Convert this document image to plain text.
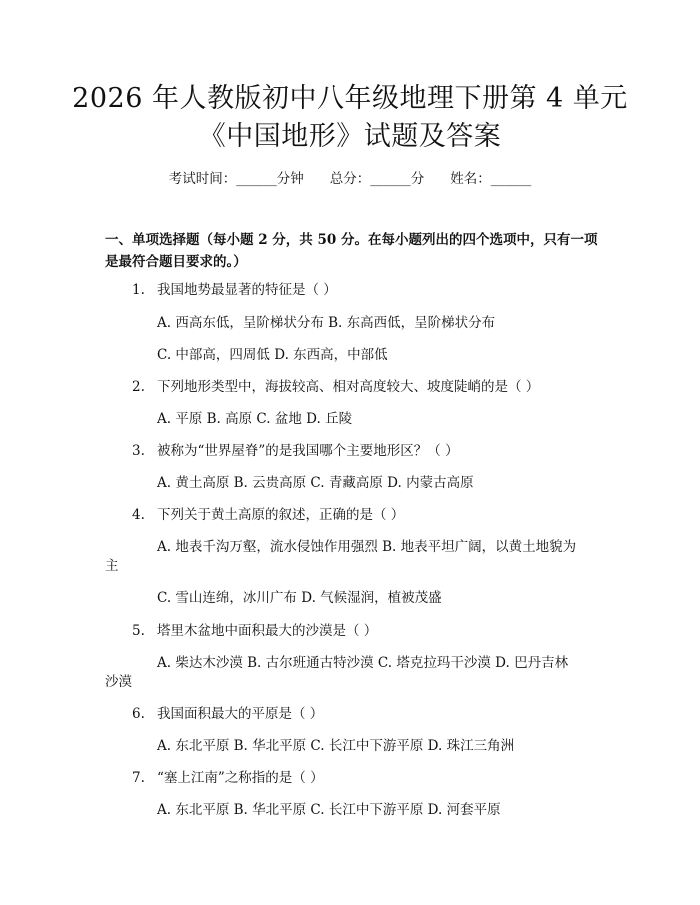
2026 年人教版初中八年级地理下册第 4 单元
《中国地形》试题及答案
考试时间：______分钟 总分：______分 姓名：______
一、单项选择题（每小题 2 分，共 50 分。在每小题列出的四个选项中，只有一项
是最符合题目要求的。）
1. 我国地势最显著的特征是（ ）
A. 西高东低，呈阶梯状分布 B. 东高西低，呈阶梯状分布
C. 中部高，四周低 D. 东西高，中部低
2. 下列地形类型中，海拔较高、相对高度较大、坡度陡峭的是（ ）
A. 平原 B. 高原 C. 盆地 D. 丘陵
3. 被称为“世界屋脊”的是我国哪个主要地形区？（ ）
A. 黄土高原 B. 云贵高原 C. 青藏高原 D. 内蒙古高原
4. 下列关于黄土高原的叙述，正确的是（ ）
A. 地表千沟万壑，流水侵蚀作用强烈 B. 地表平坦广阔，以黄土地貌为
主
C. 雪山连绵，冰川广布 D. 气候湿润，植被茂盛
5. 塔里木盆地中面积最大的沙漠是（ ）
A. 柴达木沙漠 B. 古尔班通古特沙漠 C. 塔克拉玛干沙漠 D. 巴丹吉林
沙漠
6. 我国面积最大的平原是（ ）
A. 东北平原 B. 华北平原 C. 长江中下游平原 D. 珠江三角洲
7. “塞上江南”之称指的是（ ）
A. 东北平原 B. 华北平原 C. 长江中下游平原 D. 河套平原
